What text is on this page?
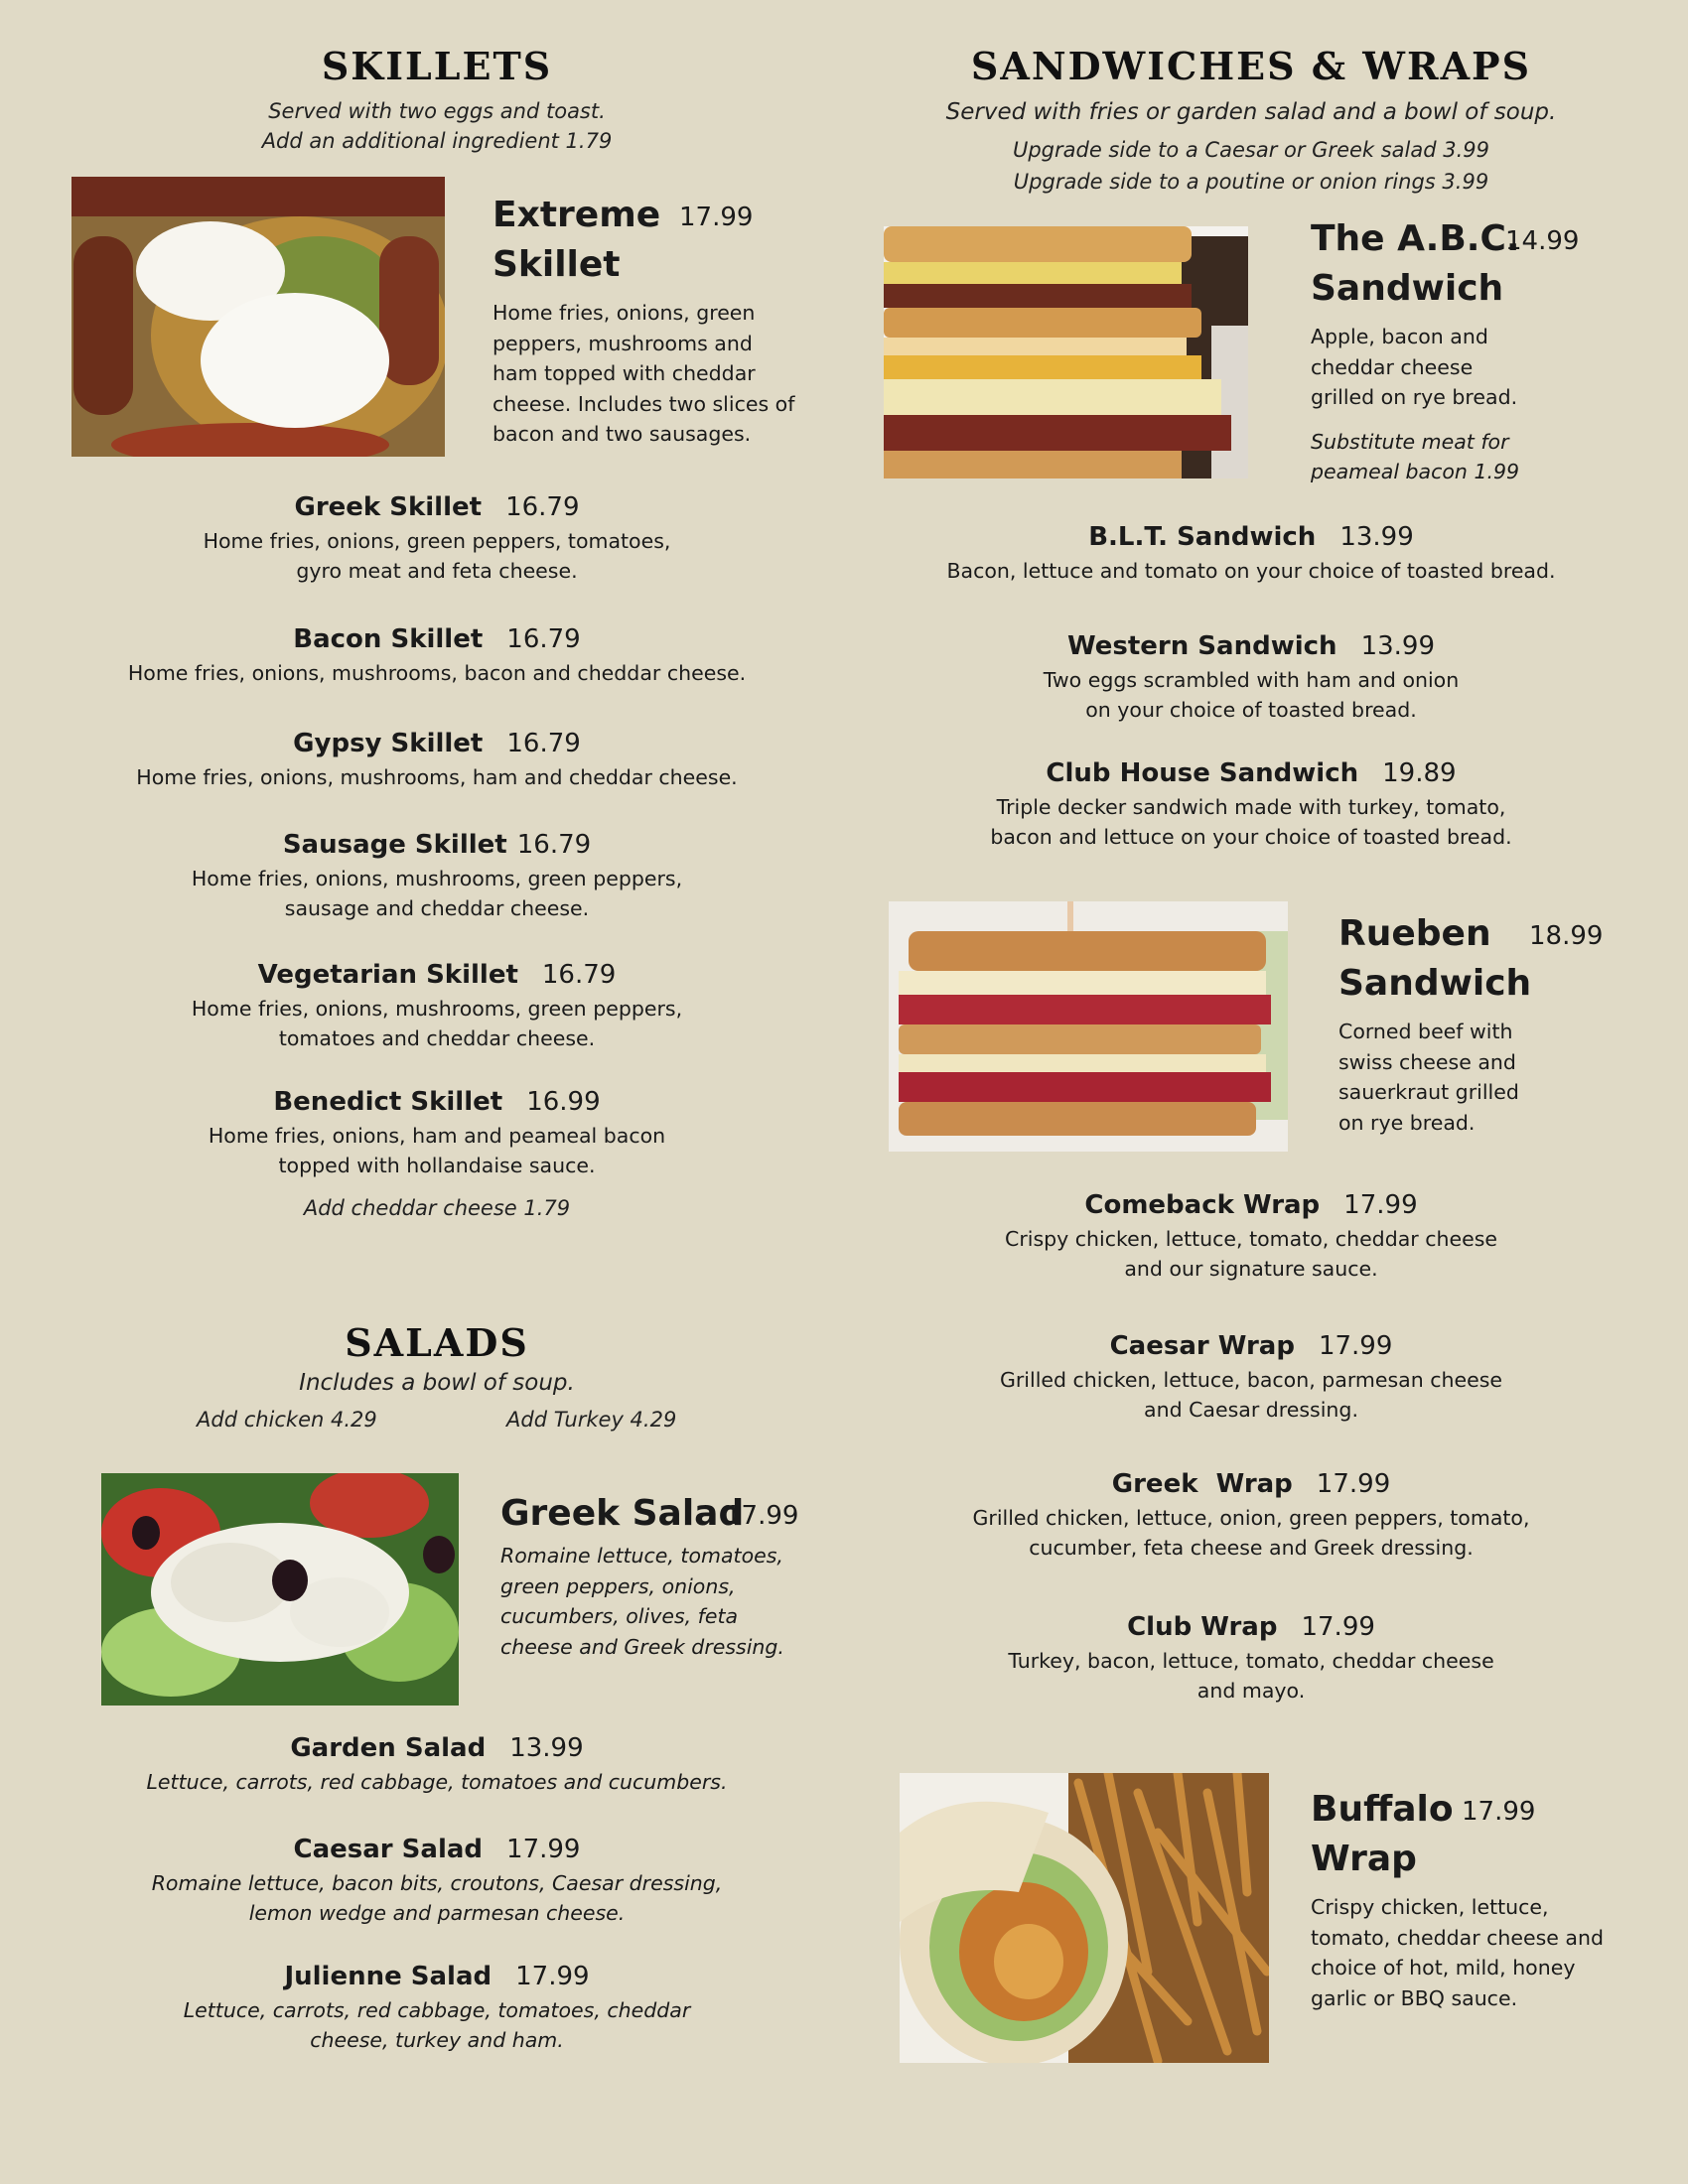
SKILLETS
Served with two eggs and toast.
Add an additional ingredient 1.79
Extreme
Skillet
17.99
Home fries, onions, green
peppers, mushrooms and
ham topped with cheddar
cheese. Includes two slices of
bacon and two sausages.
Greek Skillet 16.79
Home fries, onions, green peppers, tomatoes,
gyro meat and feta cheese.
Bacon Skillet 16.79
Home fries, onions, mushrooms, bacon and cheddar cheese.
Gypsy Skillet 16.79
Home fries, onions, mushrooms, ham and cheddar cheese.
Sausage Skillet 16.79
Home fries, onions, mushrooms, green peppers,
sausage and cheddar cheese.
Vegetarian Skillet 16.79
Home fries, onions, mushrooms, green peppers,
tomatoes and cheddar cheese.
Benedict Skillet 16.99
Home fries, onions, ham and peameal bacon
topped with hollandaise sauce.
Add cheddar cheese 1.79
SALADS
Includes a bowl of soup.
Add chicken 4.29	Add Turkey 4.29
Greek Salad
17.99
Romaine lettuce, tomatoes,
green peppers, onions,
cucumbers, olives, feta
cheese and Greek dressing.
Garden Salad 13.99
Lettuce, carrots, red cabbage, tomatoes and cucumbers.
Caesar Salad 17.99
Romaine lettuce, bacon bits, croutons, Caesar dressing,
lemon wedge and parmesan cheese.
Julienne Salad 17.99
Lettuce, carrots, red cabbage, tomatoes, cheddar
cheese, turkey and ham.
SANDWICHES & WRAPS
Served with fries or garden salad and a bowl of soup.
Upgrade side to a Caesar or Greek salad 3.99
Upgrade side to a poutine or onion rings 3.99
The A.B.C.
Sandwich
14.99
Apple, bacon and
cheddar cheese
grilled on rye bread.
Substitute meat for
peameal bacon 1.99
B.L.T. Sandwich 13.99
Bacon, lettuce and tomato on your choice of toasted bread.
Western Sandwich 13.99
Two eggs scrambled with ham and onion
on your choice of toasted bread.
Club House Sandwich 19.89
Triple decker sandwich made with turkey, tomato,
bacon and lettuce on your choice of toasted bread.
Rueben
Sandwich
18.99
Corned beef with
swiss cheese and
sauerkraut grilled
on rye bread.
Comeback Wrap 17.99
Crispy chicken, lettuce, tomato, cheddar cheese
and our signature sauce.
Caesar Wrap 17.99
Grilled chicken, lettuce, bacon, parmesan cheese
and Caesar dressing.
Greek  Wrap 17.99
Grilled chicken, lettuce, onion, green peppers, tomato,
cucumber, feta cheese and Greek dressing.
Club Wrap 17.99
Turkey, bacon, lettuce, tomato, cheddar cheese
and mayo.
Buffalo
Wrap
17.99
Crispy chicken, lettuce,
tomato, cheddar cheese and
choice of hot, mild, honey
garlic or BBQ sauce.
